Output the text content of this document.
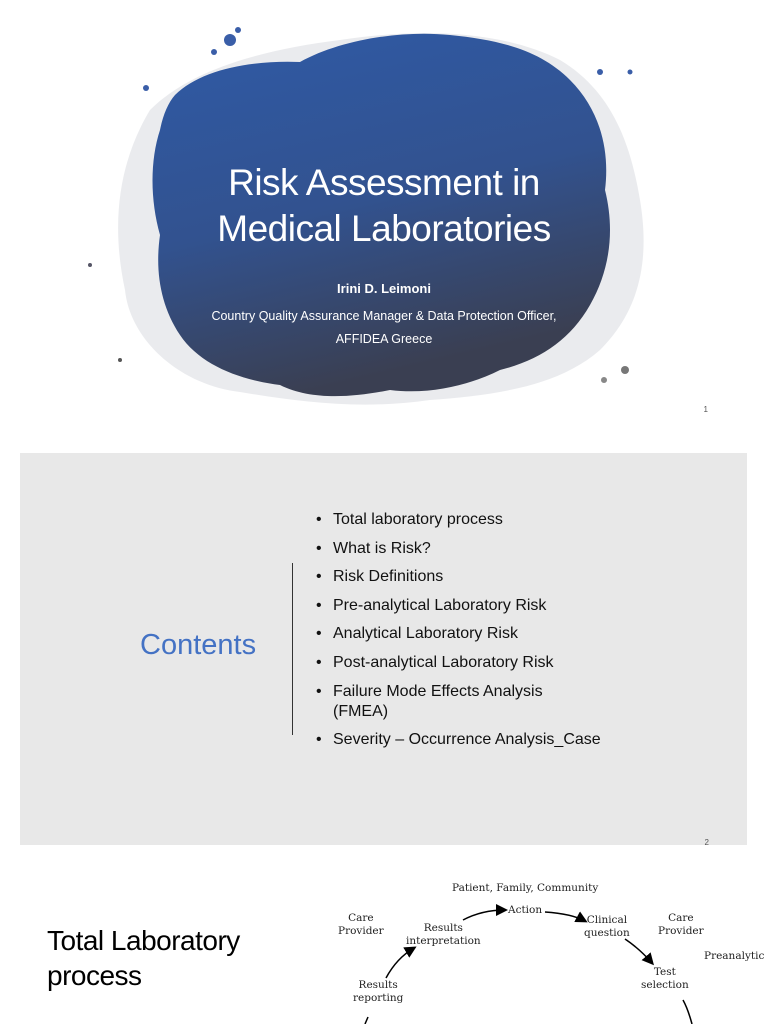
Risk Assessment in
Medical Laboratories
Irini D. Leimoni
Country Quality Assurance Manager & Data Protection Officer,
AFFIDEA Greece
1
Contents
• Total laboratory process
• What is Risk?
• Risk Definitions
• Pre-analytical Laboratory Risk
• Analytical Laboratory Risk
• Post-analytical Laboratory Risk
• Failure Mode Effects Analysis
(FMEA)
• Severity – Occurrence Analysis_Case
2
Total Laboratory
process
Patient, Family, Community
Action
Care
Provider	Results
interpretation
Clinical
question
Care
Provider
Preanalytic
Results
reporting
Test
selection
